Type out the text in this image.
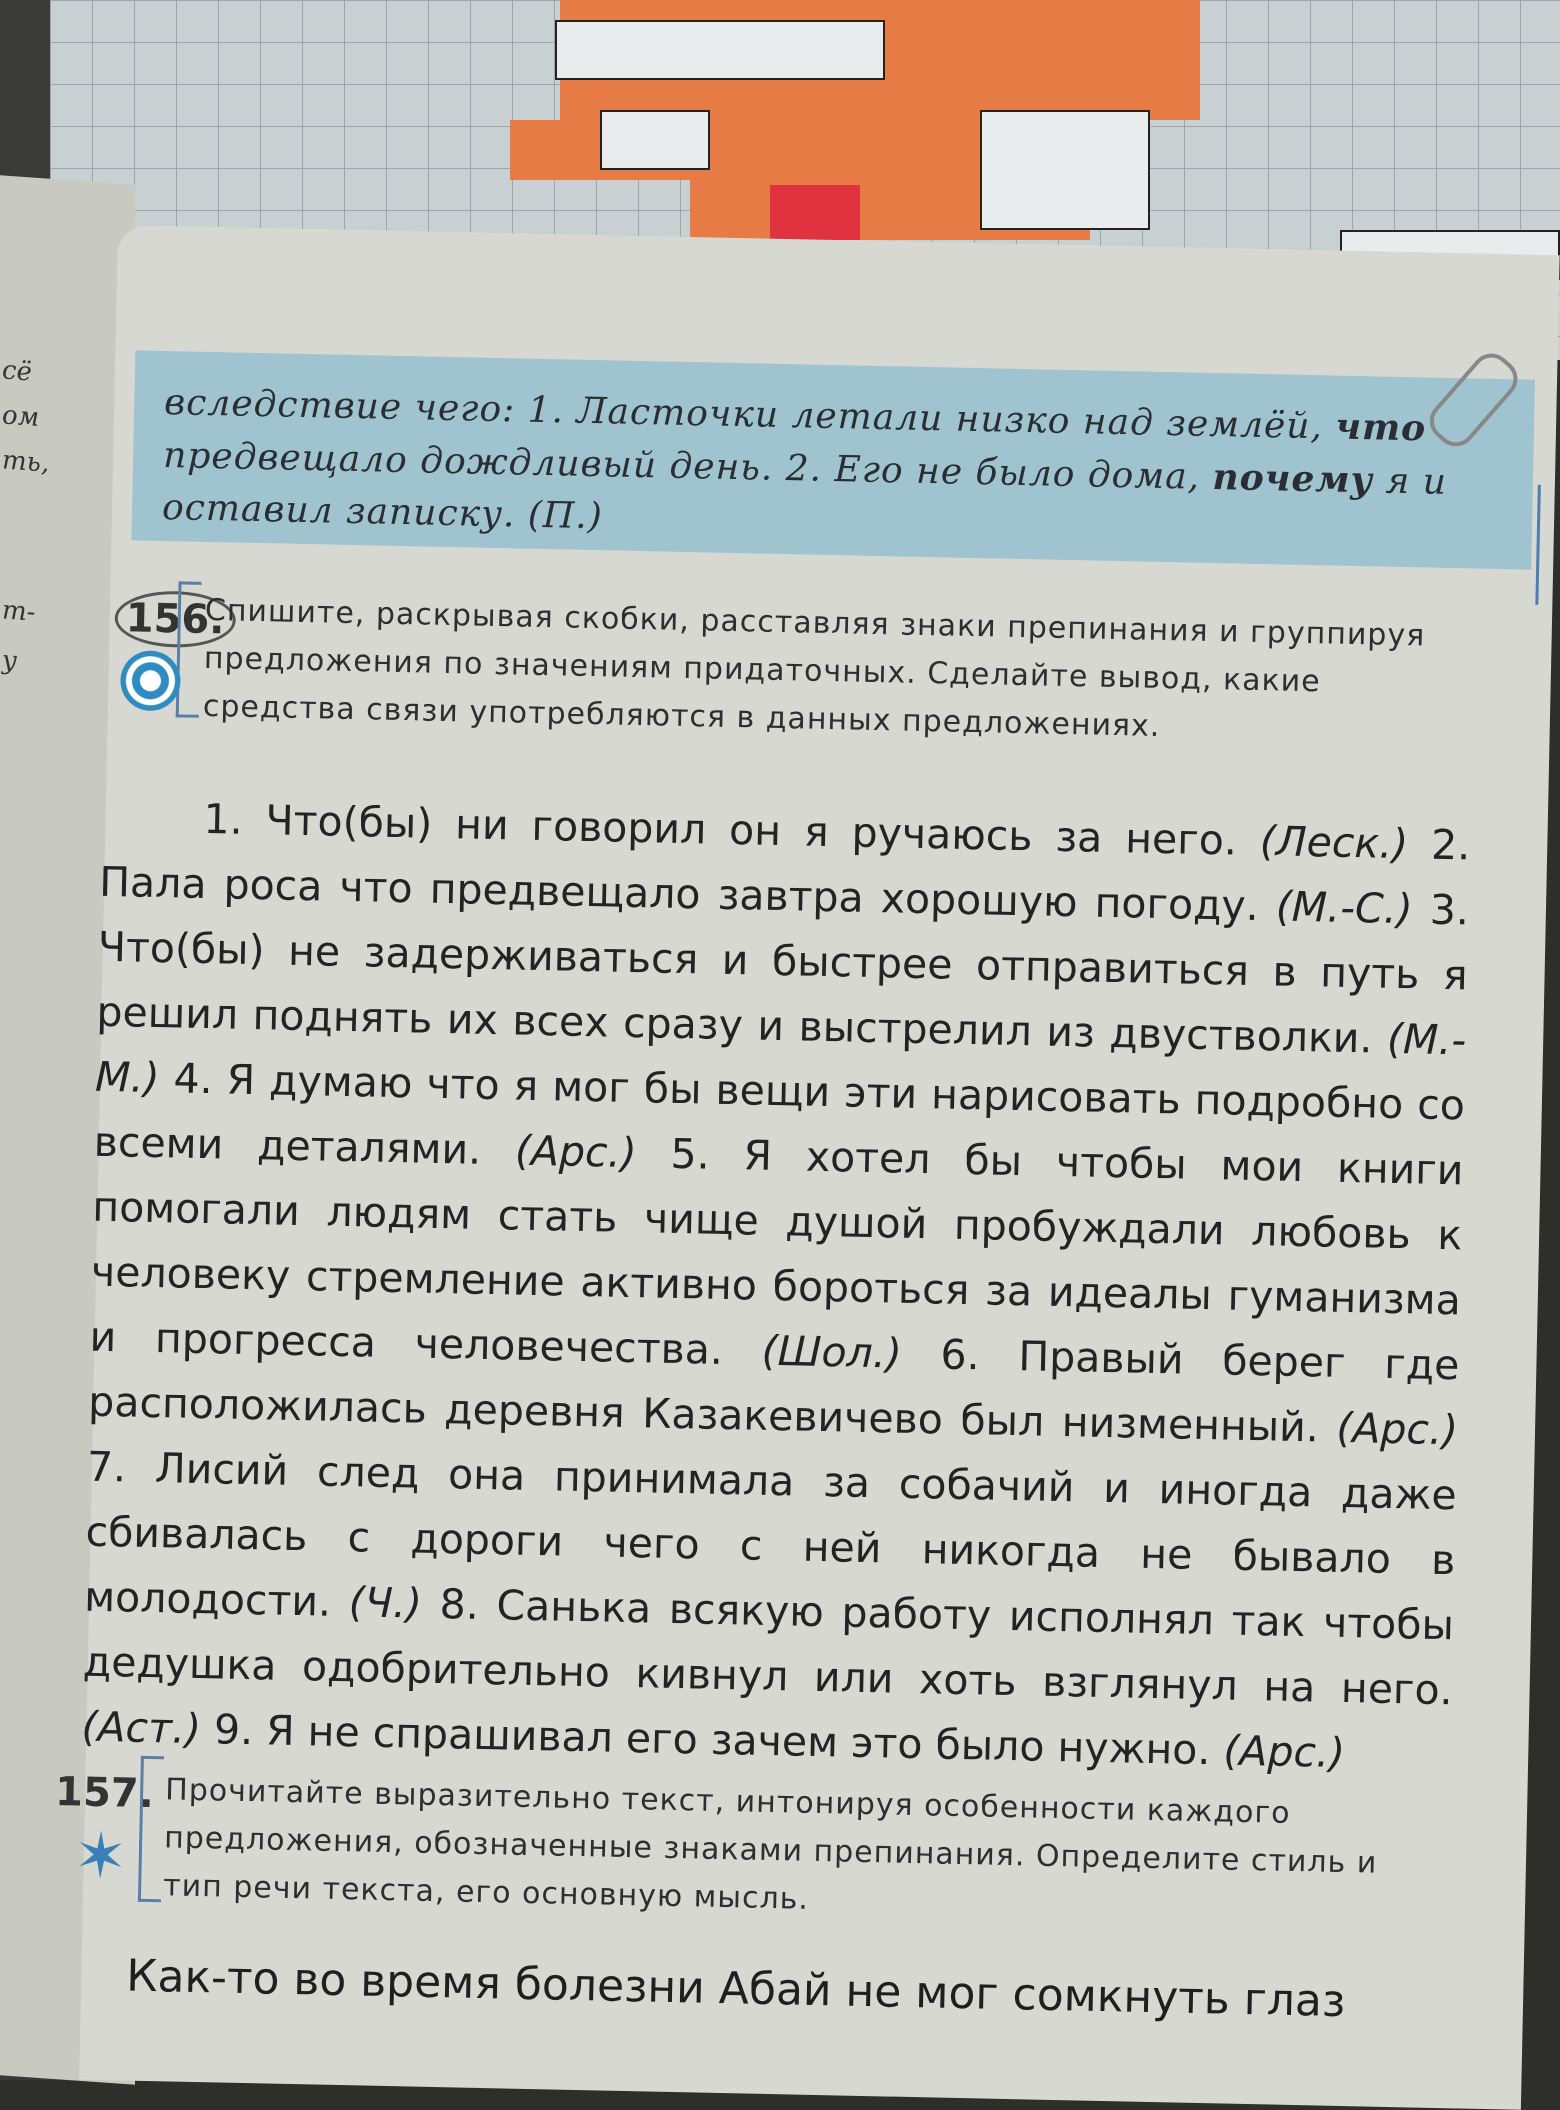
сё
ом
ть,
т-
у
вследствие чего: 1. Ласточки летали низко над землёй, что предвещало дождливый день. 2. Его не было дома, почему я и оставил записку. (П.)
156.
Спишите, раскрывая скобки, расставляя знаки препинания и группируя предложения по значениям придаточных. Сделайте вывод, какие средства связи употребляются в данных предложениях.
1. Что(бы) ни говорил он я ручаюсь за него. (Леск.) 2. Пала роса что предвещало завтра хорошую погоду. (М.-С.) 3. Что(бы) не задерживаться и быстрее отправиться в путь я решил поднять их всех сразу и выстрелил из двустволки. (М.-М.) 4. Я думаю что я мог бы вещи эти нарисовать подробно со всеми деталями. (Арс.) 5. Я хотел бы чтобы мои книги помогали людям стать чище душой пробуждали любовь к человеку стремление активно бороться за идеалы гуманизма и прогресса человечества. (Шол.) 6. Правый берег где расположилась деревня Казакевичево был низменный. (Арс.) 7. Лисий след она принимала за собачий и иногда даже сбивалась с дороги чего с ней никогда не бывало в молодости. (Ч.) 8. Санька всякую работу исполнял так чтобы дедушка одобрительно кивнул или хоть взглянул на него. (Аст.) 9. Я не спрашивал его зачем это было нужно. (Арс.)
157.
✶
Прочитайте выразительно текст, интонируя особенности каждого предложения, обозначенные знаками препинания. Определите стиль и тип речи текста, его основную мысль.
Как-то во время болезни Абай не мог сомкнуть глаз
